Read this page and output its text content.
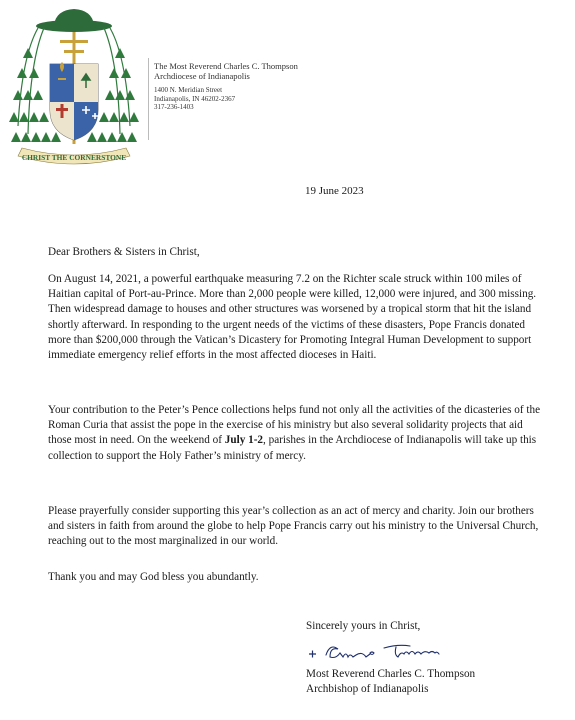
CHRIST THE CORNERSTONE
The Most Reverend Charles C. Thompson
Archdiocese of Indianapolis
1400 N. Meridian Street
Indianapolis, IN 46202-2367
317-236-1403
19 June 2023
Dear Brothers & Sisters in Christ,

On August 14, 2021, a powerful earthquake measuring 7.2 on the Richter scale struck within 100 miles of Haitian capital of Port-au-Prince. More than 2,000 people were killed, 12,000 were injured, and 300 missing. Then widespread damage to houses and other structures was worsened by a tropical storm that hit the island shortly afterward. In responding to the urgent needs of the victims of these disasters, Pope Francis donated more than $200,000 through the Vatican’s Dicastery for Promoting Integral Human Development to support immediate emergency relief efforts in the most affected dioceses in Haiti.

Your contribution to the Peter’s Pence collections helps fund not only all the activities of the dicasteries of the Roman Curia that assist the pope in the exercise of his ministry but also several solidarity projects that aid those most in need. On the weekend of July 1-2, parishes in the Archdiocese of Indianapolis will take up this collection to support the Holy Father’s ministry of mercy.

Please prayerfully consider supporting this year’s collection as an act of mercy and charity. Join our brothers and sisters in faith from around the globe to help Pope Francis carry out his ministry to the Universal Church, reaching out to the most marginalized in our world.

Thank you and may God bless you abundantly.

Sincerely yours in Christ,
Most Reverend Charles C. Thompson
Archbishop of Indianapolis
